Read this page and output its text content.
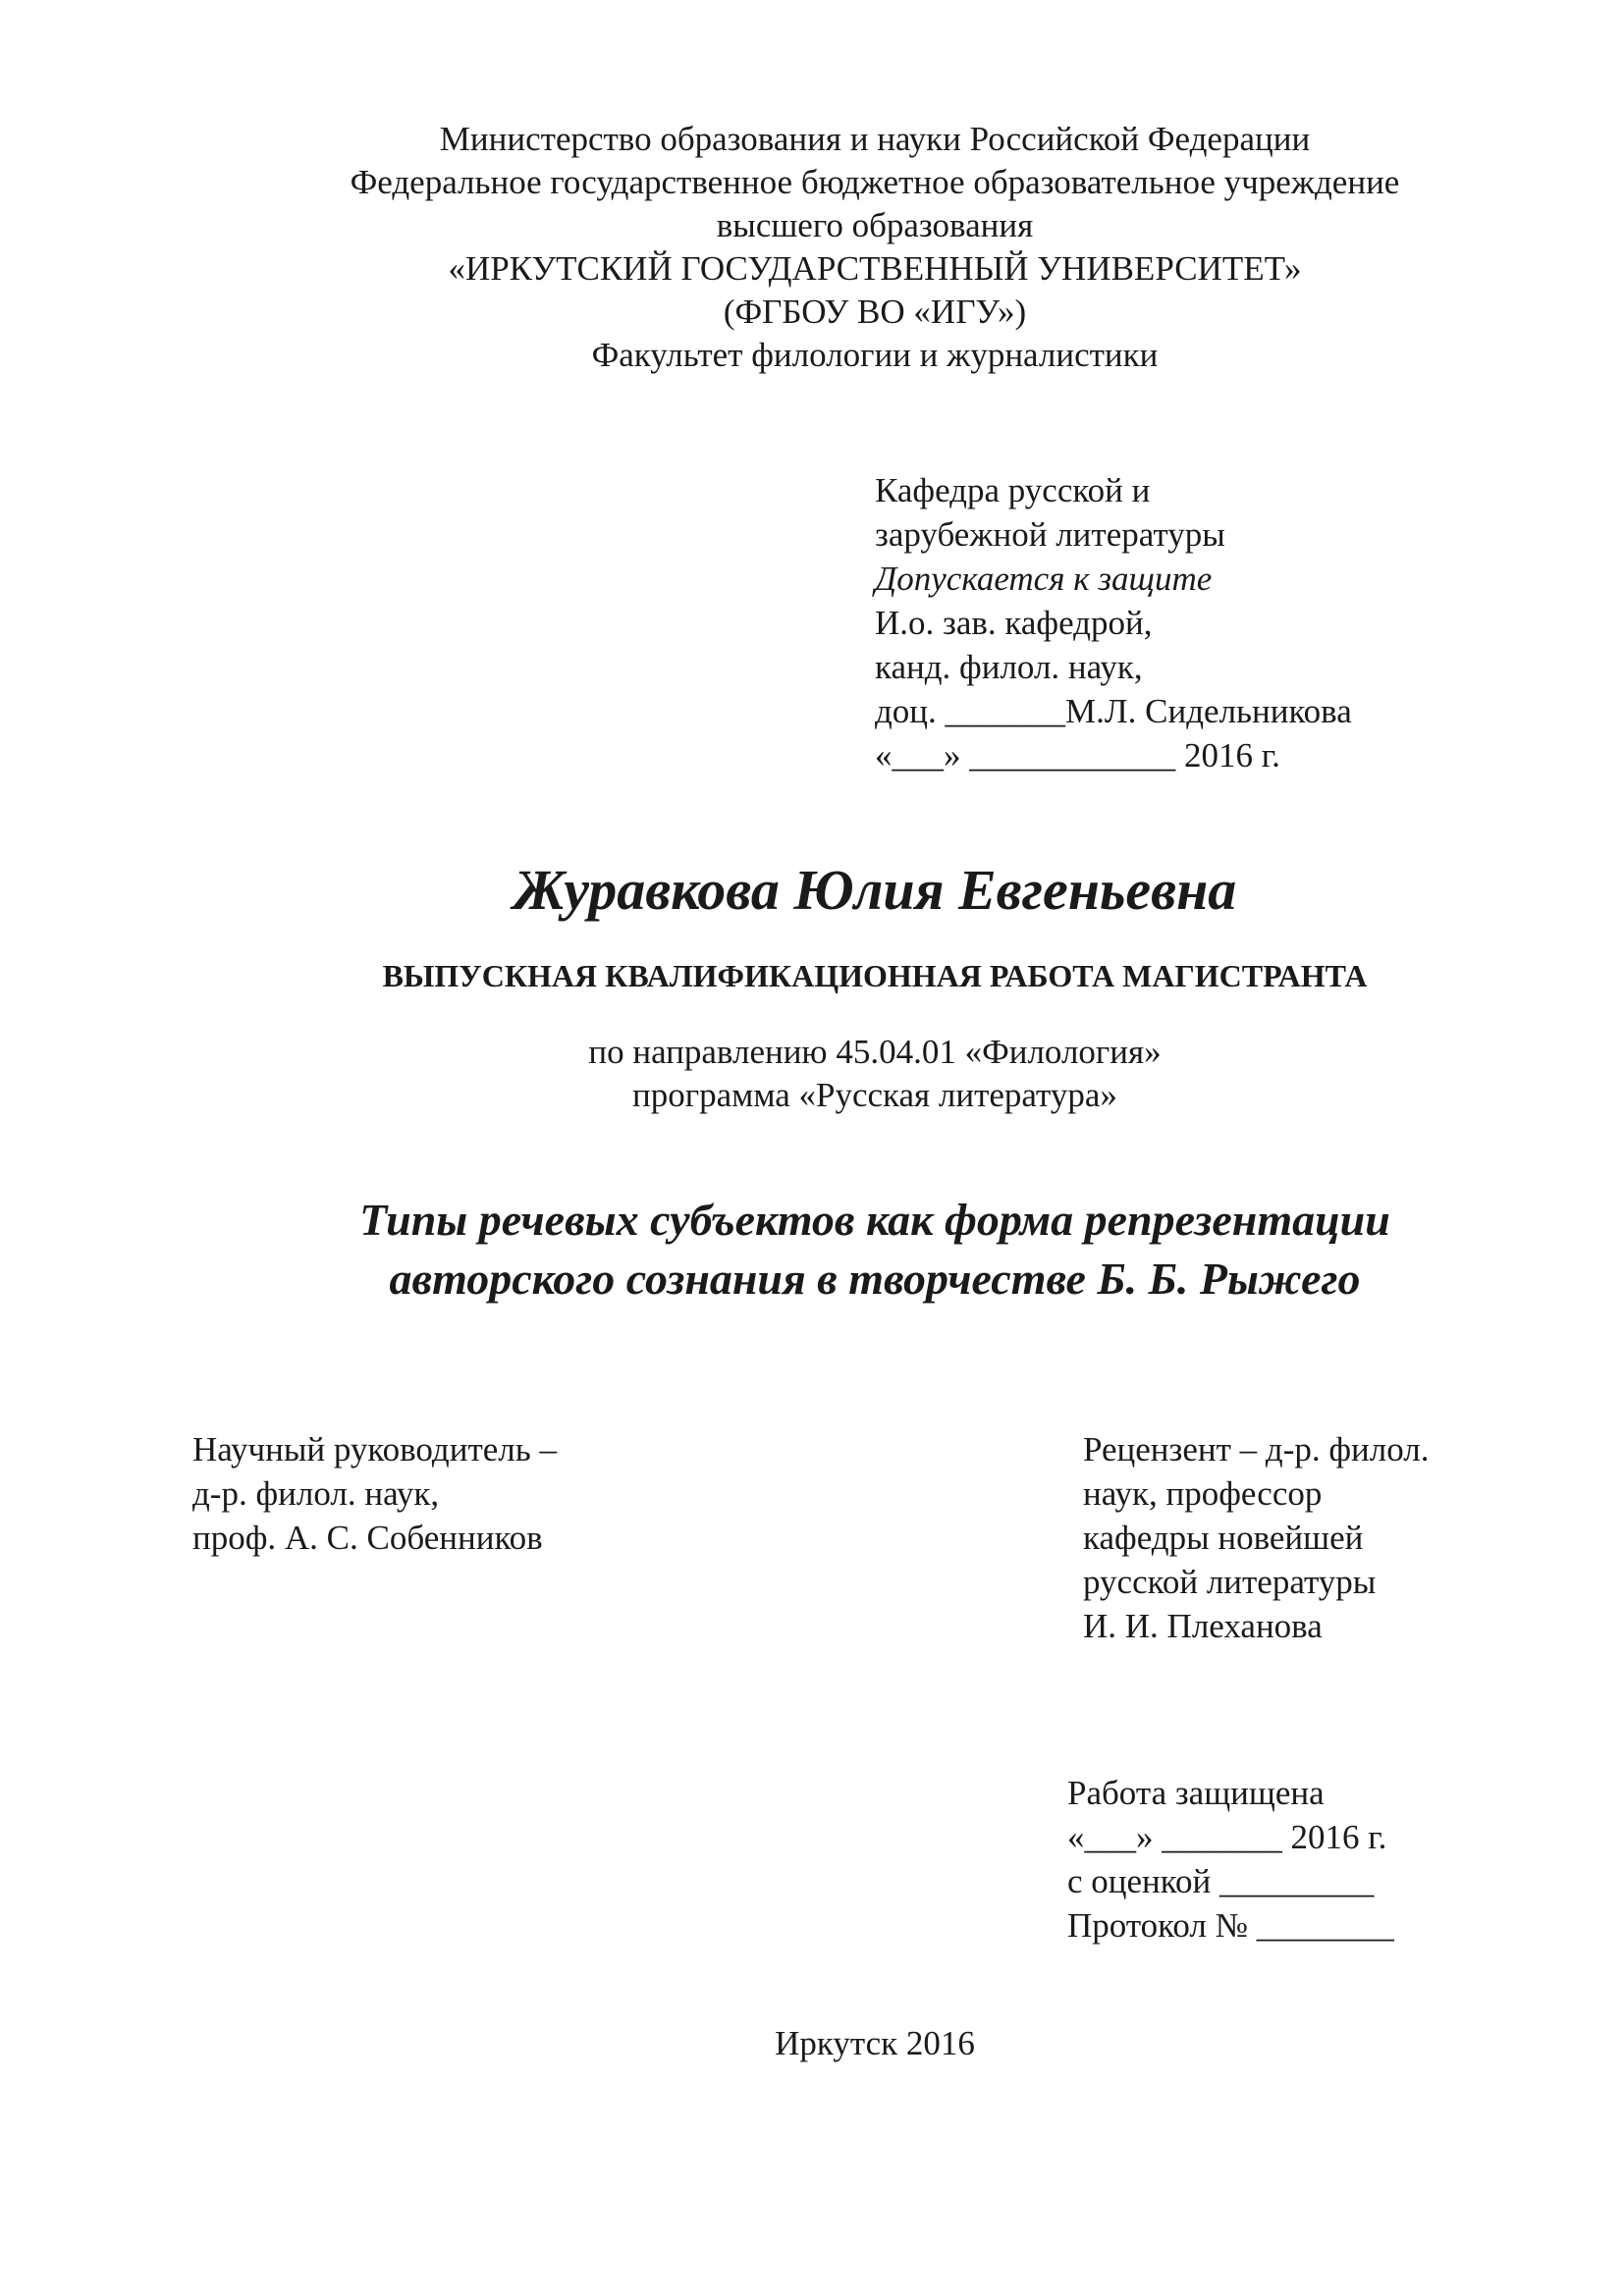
Министерство образования и науки Российской Федерации
Федеральное государственное бюджетное образовательное учреждение
высшего образования
«ИРКУТСКИЙ ГОСУДАРСТВЕННЫЙ УНИВЕРСИТЕТ»
(ФГБОУ ВО «ИГУ»)
Факультет филологии и журналистики
Кафедра русской и
зарубежной литературы
Допускается к защите
И.о. зав. кафедрой,
канд. филол. наук,
доц. _______М.Л. Сидельникова
«___» ____________ 2016 г.
Журавкова Юлия Евгеньевна
ВЫПУСКНАЯ КВАЛИФИКАЦИОННАЯ РАБОТА МАГИСТРАНТА
по направлению 45.04.01 «Филология»
программа «Русская литература»
Типы речевых субъектов как форма репрезентации
авторского сознания в творчестве Б. Б. Рыжего
Научный руководитель –
д-р. филол. наук,
проф. А. С. Собенников
Рецензент – д-р. филол.
наук, профессор
кафедры новейшей
русской литературы
И. И. Плеханова
Работа защищена
«___» _______ 2016 г.
с оценкой _________
Протокол № ________
Иркутск 2016
